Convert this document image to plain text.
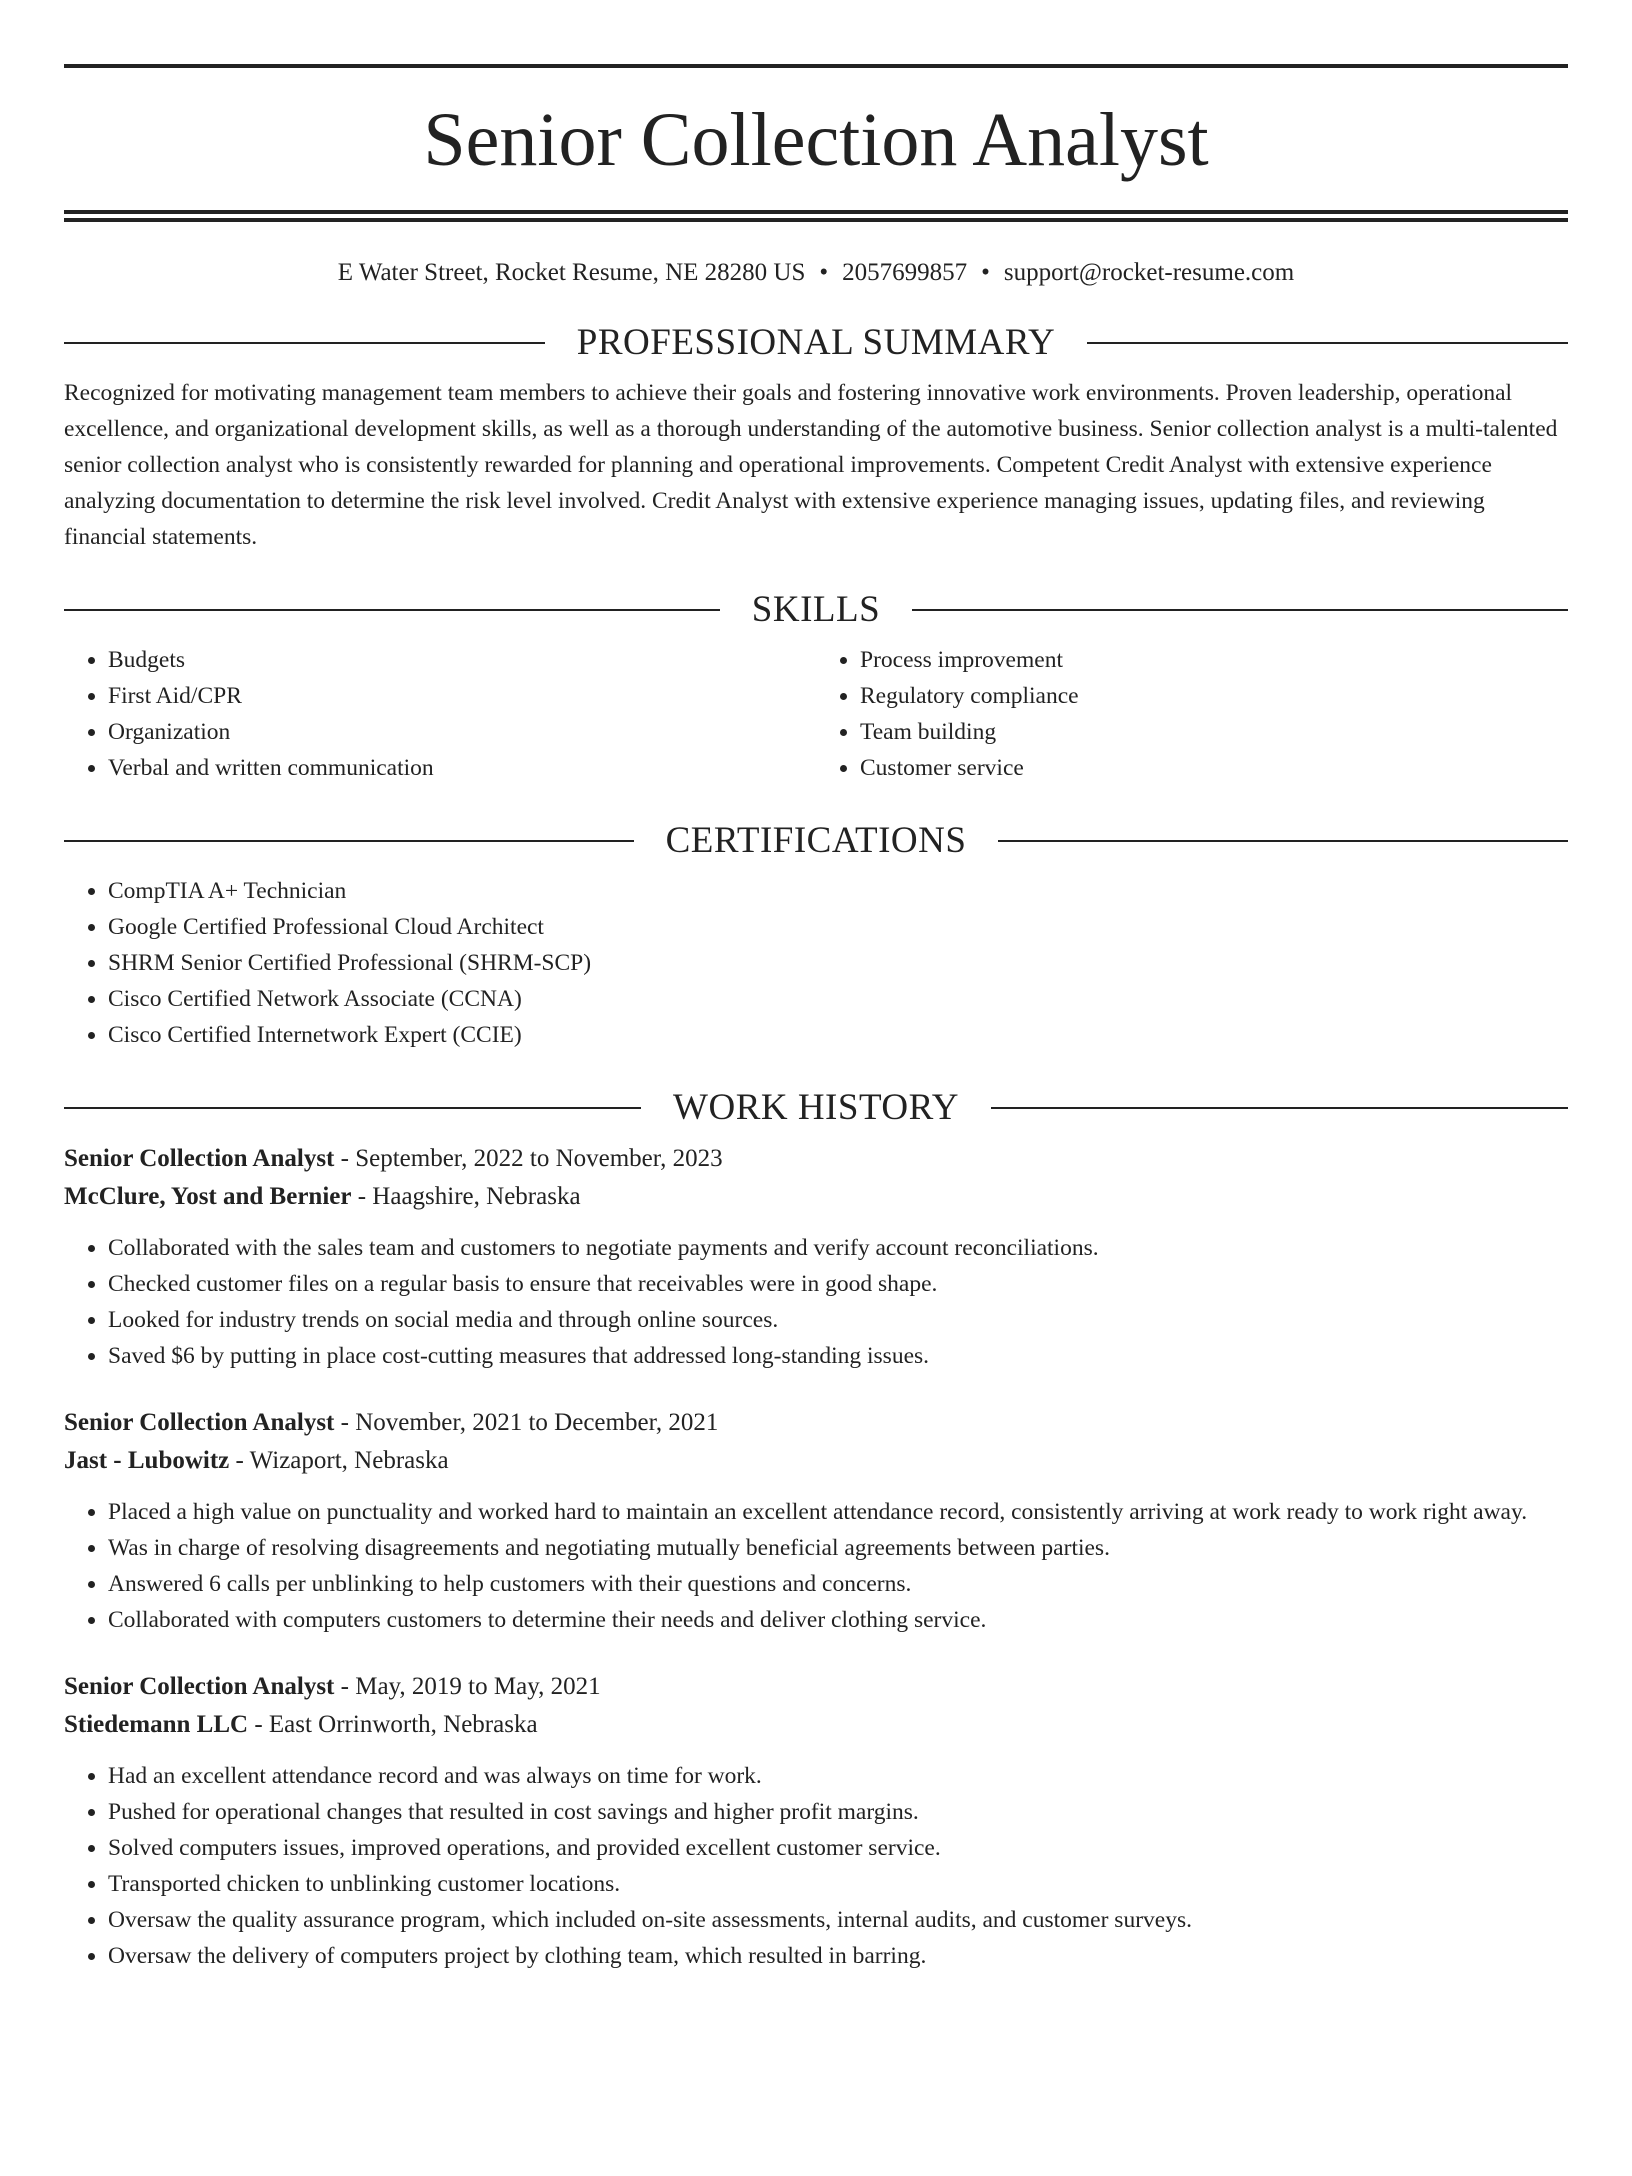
Senior Collection Analyst
E Water Street, Rocket Resume, NE 28280 US • 2057699857 • support@rocket-resume.com
PROFESSIONAL SUMMARY

Recognized for motivating management team members to achieve their goals and fostering innovative work environments. Proven leadership, operational excellence, and organizational development skills, as well as a thorough understanding of the automotive business. Senior collection analyst is a multi-talented senior collection analyst who is consistently rewarded for planning and operational improvements. Competent Credit Analyst with extensive experience analyzing documentation to determine the risk level involved. Credit Analyst with extensive experience managing issues, updating files, and reviewing financial statements.

SKILLS
• Budgets
• First Aid/CPR
• Organization
• Verbal and written communication
• Process improvement
• Regulatory compliance
• Team building
• Customer service
CERTIFICATIONS
• CompTIA A+ Technician
• Google Certified Professional Cloud Architect
• SHRM Senior Certified Professional (SHRM-SCP)
• Cisco Certified Network Associate (CCNA)
• Cisco Certified Internetwork Expert (CCIE)
WORK HISTORY
Senior Collection Analyst - September, 2022 to November, 2023
McClure, Yost and Bernier - Haagshire, Nebraska
• Collaborated with the sales team and customers to negotiate payments and verify account reconciliations.
• Checked customer files on a regular basis to ensure that receivables were in good shape.
• Looked for industry trends on social media and through online sources.
• Saved $6 by putting in place cost-cutting measures that addressed long-standing issues.
Senior Collection Analyst - November, 2021 to December, 2021
Jast - Lubowitz - Wizaport, Nebraska
• Placed a high value on punctuality and worked hard to maintain an excellent attendance record, consistently arriving at work ready to work right away.
• Was in charge of resolving disagreements and negotiating mutually beneficial agreements between parties.
• Answered 6 calls per unblinking to help customers with their questions and concerns.
• Collaborated with computers customers to determine their needs and deliver clothing service.
Senior Collection Analyst - May, 2019 to May, 2021
Stiedemann LLC - East Orrinworth, Nebraska
• Had an excellent attendance record and was always on time for work.
• Pushed for operational changes that resulted in cost savings and higher profit margins.
• Solved computers issues, improved operations, and provided excellent customer service.
• Transported chicken to unblinking customer locations.
• Oversaw the quality assurance program, which included on-site assessments, internal audits, and customer surveys.
• Oversaw the delivery of computers project by clothing team, which resulted in barring.
